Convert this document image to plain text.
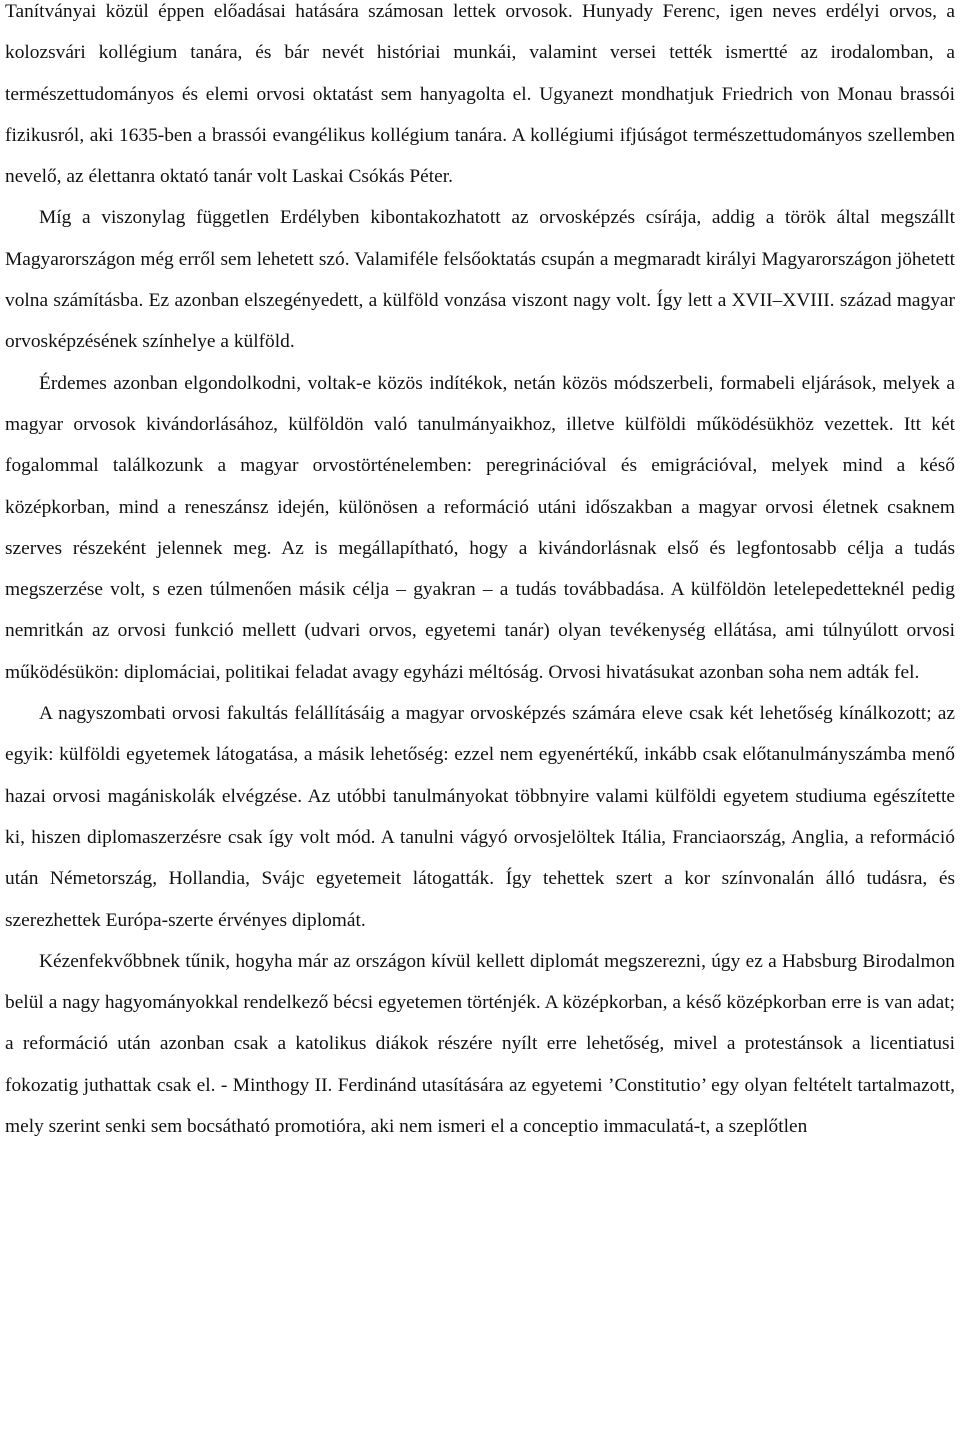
Tanítványai közül éppen előadásai hatására számosan lettek orvosok. Hunyady Ferenc, igen neves erdélyi orvos, a kolozsvári kollégium tanára, és bár nevét históriai munkái, valamint versei tették ismertté az irodalomban, a természettudományos és elemi orvosi oktatást sem hanyagolta el. Ugyanezt mondhatjuk Friedrich von Monau brassói fizikusról, aki 1635-ben a brassói evangélikus kollégium tanára. A kollégiumi ifjúságot természettudományos szellemben nevelő, az élettanra oktató tanár volt Laskai Csókás Péter.

Míg a viszonylag független Erdélyben kibontakozhatott az orvosképzés csírája, addig a török által megszállt Magyarországon még erről sem lehetett szó. Valamiféle felsőoktatás csupán a megmaradt királyi Magyarországon jöhetett volna számításba. Ez azonban elszegényedett, a külföld vonzása viszont nagy volt. Így lett a XVII–XVIII. század magyar orvosképzésének színhelye a külföld.

Érdemes azonban elgondolkodni, voltak-e közös indítékok, netán közös módszerbeli, formabeli eljárások, melyek a magyar orvosok kivándorlásához, külföldön való tanulmányaikhoz, illetve külföldi működésükhöz vezettek. Itt két fogalommal találkozunk a magyar orvostörténelemben: peregrinációval és emigrációval, melyek mind a késő középkorban, mind a reneszánsz idején, különösen a reformáció utáni időszakban a magyar orvosi életnek csaknem szerves részeként jelennek meg. Az is megállapítható, hogy a kivándorlásnak első és legfontosabb célja a tudás megszerzése volt, s ezen túlmenően másik célja – gyakran – a tudás továbbadása. A külföldön letelepedetteknél pedig nemritkán az orvosi funkció mellett (udvari orvos, egyetemi tanár) olyan tevékenység ellátása, ami túlnyúlott orvosi működésükön: diplomáciai, politikai feladat avagy egyházi méltóság. Orvosi hivatásukat azonban soha nem adták fel.

A nagyszombati orvosi fakultás felállításáig a magyar orvosképzés számára eleve csak két lehetőség kínálkozott; az egyik: külföldi egyetemek látogatása, a másik lehetőség: ezzel nem egyenértékű, inkább csak előtanulmányszámba menő hazai orvosi magániskolák elvégzése. Az utóbbi tanulmányokat többnyire valami külföldi egyetem studiuma egészítette ki, hiszen diplomaszerzésre csak így volt mód. A tanulni vágyó orvosjelöltek Itália, Franciaország, Anglia, a reformáció után Németország, Hollandia, Svájc egyetemeit látogatták. Így tehettek szert a kor színvonalán álló tudásra, és szerezhettek Európa-szerte érvényes diplomát.

Kézenfekvőbbnek tűnik, hogyha már az országon kívül kellett diplomát megszerezni, úgy ez a Habsburg Birodalmon belül a nagy hagyományokkal rendelkező bécsi egyetemen történjék. A középkorban, a késő középkorban erre is van adat; a reformáció után azonban csak a katolikus diákok részére nyílt erre lehetőség, mivel a protestánsok a licentiatusi fokozatig juthattak csak el. - Minthogy II. Ferdinánd utasítására az egyetemi ’Constitutio’ egy olyan feltételt tartalmazott, mely szerint senki sem bocsátható promotióra, aki nem ismeri el a conceptio immaculatá-t, a szeplőtlen
